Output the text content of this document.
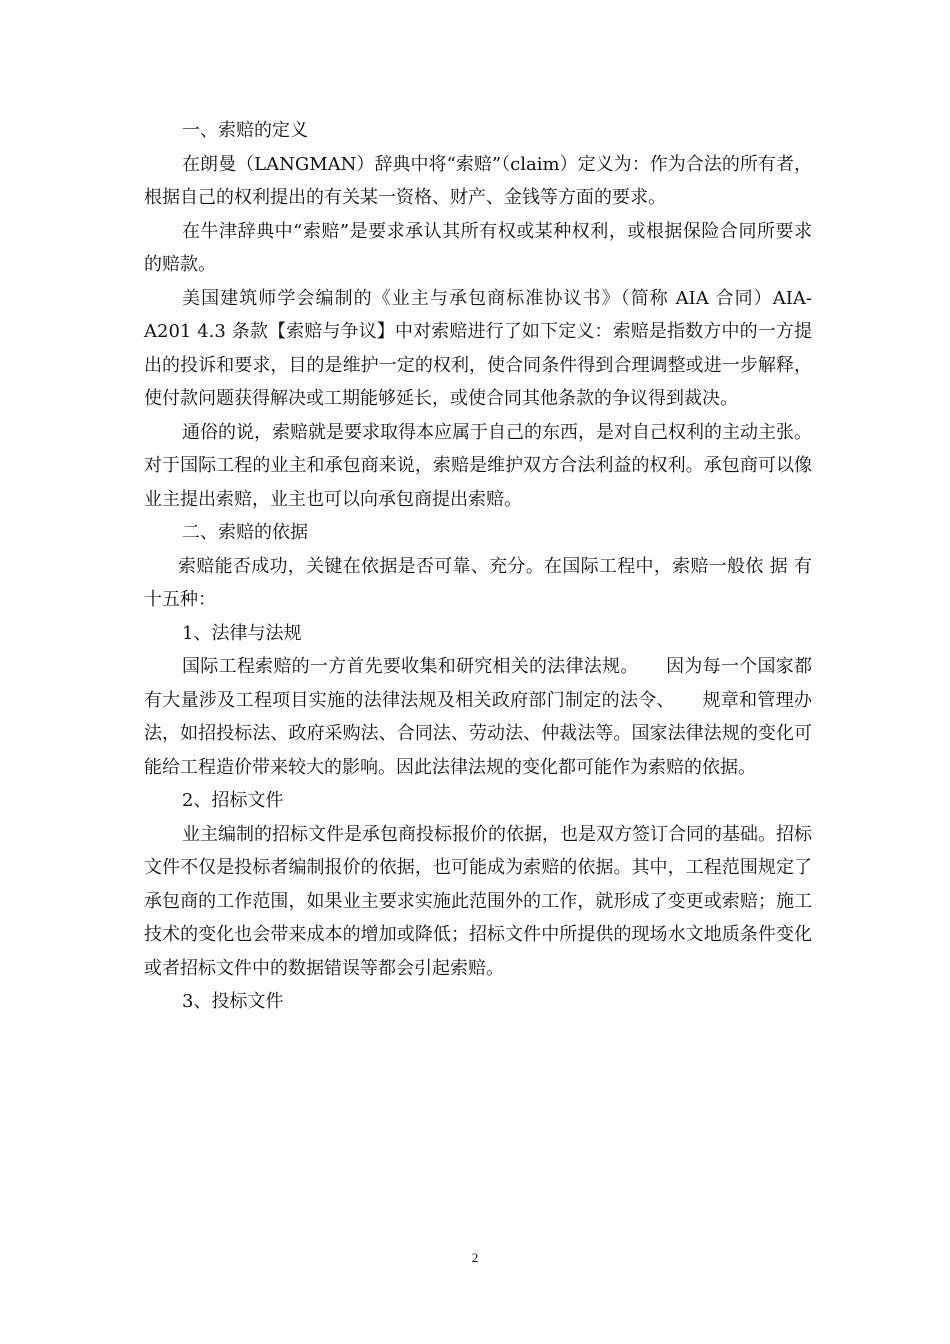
一、索赔的定义

在朗曼（LANGMAN）辞典中将“索赔”（claim）定义为：作为合法的所有者，根据自己的权利提出的有关某一资格、财产、金钱等方面的要求。

在牛津辞典中“索赔”是要求承认其所有权或某种权利，或根据保险合同所要求的赔款。

美国建筑师学会编制的《业主与承包商标准协议书》（简称 AIA 合同）AIA-A201 4.3 条款【索赔与争议】中对索赔进行了如下定义：索赔是指数方中的一方提出的投诉和要求，目的是维护一定的权利，使合同条件得到合理调整或进一步解释，使付款问题获得解决或工期能够延长，或使合同其他条款的争议得到裁决。

通俗的说，索赔就是要求取得本应属于自己的东西，是对自己权利的主动主张。对于国际工程的业主和承包商来说，索赔是维护双方合法利益的权利。承包商可以像业主提出索赔，业主也可以向承包商提出索赔。

二、索赔的依据

索赔能否成功，关键在依据是否可靠、充分。在国际工程中，索赔一般依 据 有十五种：

1、法律与法规

国际工程索赔的一方首先要收集和研究相关的法律法规。　　因为每一个国家都有大量涉及工程项目实施的法律法规及相关政府部门制定的法令、　　规章和管理办法，如招投标法、政府采购法、合同法、劳动法、仲裁法等。国家法律法规的变化可能给工程造价带来较大的影响。因此法律法规的变化都可能作为索赔的依据。

2、招标文件

业主编制的招标文件是承包商投标报价的依据，也是双方签订合同的基础。招标文件不仅是投标者编制报价的依据，也可能成为索赔的依据。其中，工程范围规定了承包商的工作范围，如果业主要求实施此范围外的工作，就形成了变更或索赔；施工技术的变化也会带来成本的增加或降低；招标文件中所提供的现场水文地质条件变化或者招标文件中的数据错误等都会引起索赔。

3、投标文件

2
